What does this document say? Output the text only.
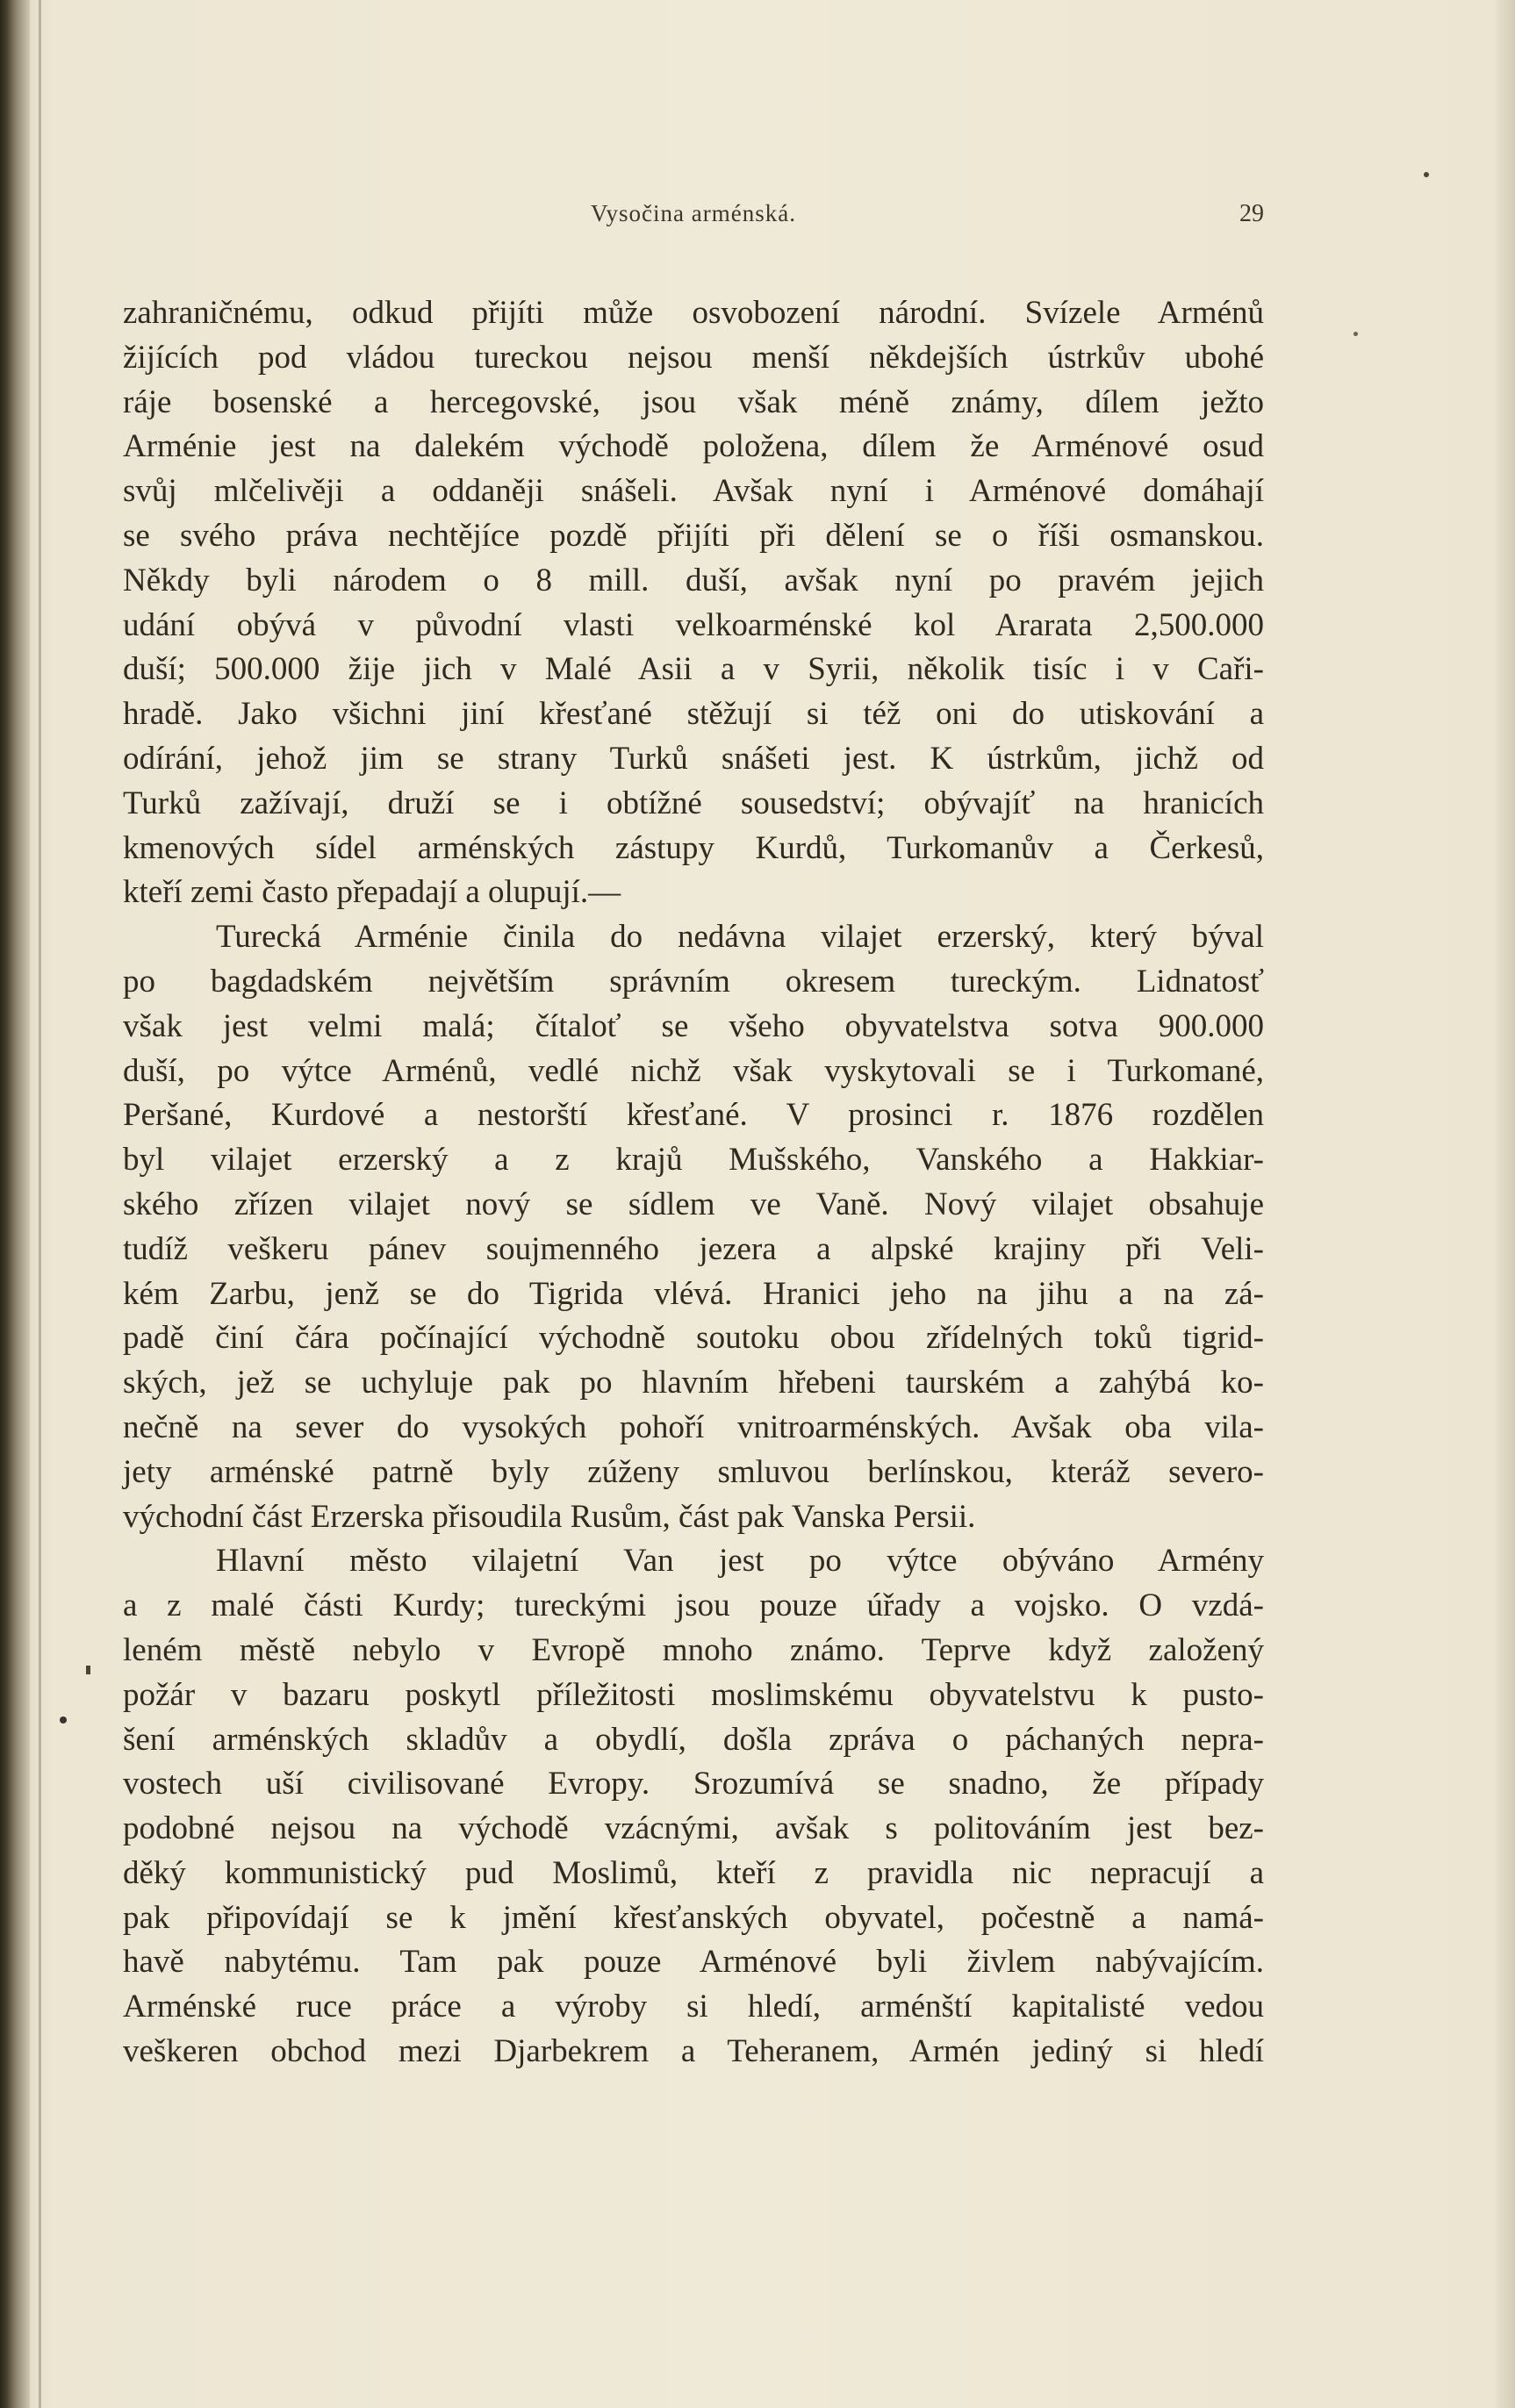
Vysočina arménská.	29
zahraničnému, odkud přijíti může osvobození národní. Svízele Arménů
žijících pod vládou tureckou nejsou menší někdejších ústrkův ubohé
ráje bosenské a hercegovské, jsou však méně známy, dílem ježto
Arménie jest na dalekém východě položena, dílem že Arménové osud
svůj mlčelivěji a oddaněji snášeli. Avšak nyní i Arménové domáhají
se svého práva nechtějíce pozdě přijíti při dělení se o říši osmanskou.
Někdy byli národem o 8 mill. duší, avšak nyní po pravém jejich
udání obývá v původní vlasti velkoarménské kol Ararata 2,500.000
duší; 500.000 žije jich v Malé Asii a v Syrii, několik tisíc i v Caři-
hradě. Jako všichni jiní křesťané stěžují si též oni do utiskování a
odírání, jehož jim se strany Turků snášeti jest. K ústrkům, jichž od
Turků zažívají, druží se i obtížné sousedství; obývajíť na hranicích
kmenových sídel arménských zástupy Kurdů, Turkomanův a Čerkesů,
kteří zemi často přepadají a olupují.—
Turecká Arménie činila do nedávna vilajet erzerský, který býval
po bagdadském největším správním okresem tureckým. Lidnatosť
však jest velmi malá; čítaloť se všeho obyvatelstva sotva 900.000
duší, po výtce Arménů, vedlé nichž však vyskytovali se i Turkomané,
Peršané, Kurdové a nestorští křesťané. V prosinci r. 1876 rozdělen
byl vilajet erzerský a z krajů Mušského, Vanského a Hakkiar-
ského zřízen vilajet nový se sídlem ve Vaně. Nový vilajet obsahuje
tudíž veškeru pánev soujmenného jezera a alpské krajiny při Veli-
kém Zarbu, jenž se do Tigrida vlévá. Hranici jeho na jihu a na zá-
padě činí čára počínající východně soutoku obou zřídelných toků tigrid-
ských, jež se uchyluje pak po hlavním hřebeni taurském a zahýbá ko-
nečně na sever do vysokých pohoří vnitroarménských. Avšak oba vila-
jety arménské patrně byly zúženy smluvou berlínskou, kteráž severo-
východní část Erzerska přisoudila Rusům, část pak Vanska Persii.
Hlavní město vilajetní Van jest po výtce obýváno Armény
a z malé části Kurdy; tureckými jsou pouze úřady a vojsko. O vzdá-
leném městě nebylo v Evropě mnoho známo. Teprve když založený
požár v bazaru poskytl příležitosti moslimskému obyvatelstvu k pusto-
šení arménských skladův a obydlí, došla zpráva o páchaných nepra-
vostech uší civilisované Evropy. Srozumívá se snadno, že případy
podobné nejsou na východě vzácnými, avšak s politováním jest bez-
děký kommunistický pud Moslimů, kteří z pravidla nic nepracují a
pak připovídají se k jmění křesťanských obyvatel, počestně a namá-
havě nabytému. Tam pak pouze Arménové byli živlem nabývajícím.
Arménské ruce práce a výroby si hledí, arménští kapitalisté vedou
veškeren obchod mezi Djarbekrem a Teheranem, Armén jediný si hledí
